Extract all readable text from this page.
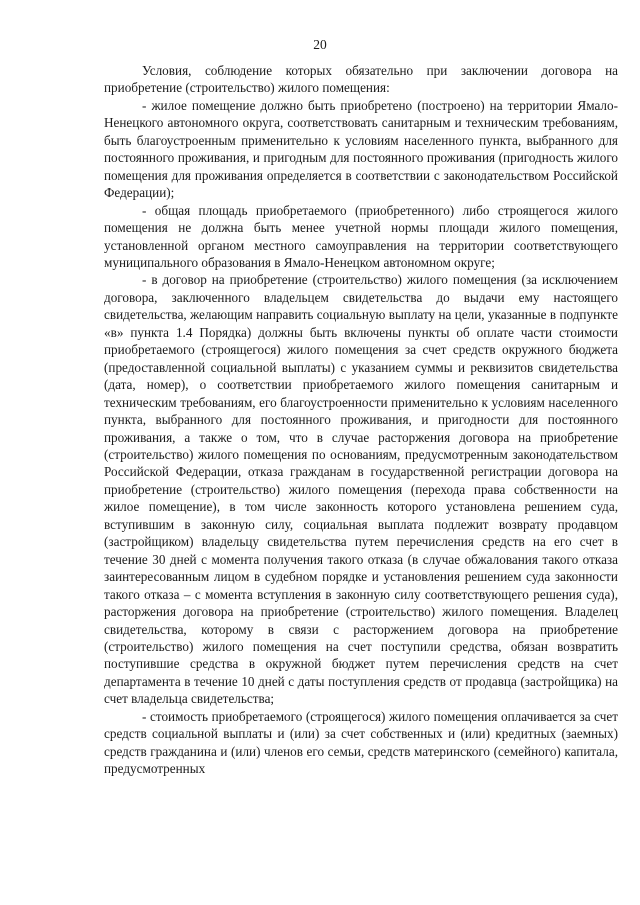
20

Условия, соблюдение которых обязательно при заключении договора на приобретение (строительство) жилого помещения:

- жилое помещение должно быть приобретено (построено) на территории Ямало-Ненецкого автономного округа, соответствовать санитарным и техническим требованиям, быть благоустроенным применительно к условиям населенного пункта, выбранного для постоянного проживания, и пригодным для постоянного проживания (пригодность жилого помещения для проживания определяется в соответствии с законодательством Российской Федерации);

- общая площадь приобретаемого (приобретенного) либо строящегося жилого помещения не должна быть менее учетной нормы площади жилого помещения, установленной органом местного самоуправления на территории соответствующего муниципального образования в Ямало-Ненецком автономном округе;

- в договор на приобретение (строительство) жилого помещения (за исключением договора, заключенного владельцем свидетельства до выдачи ему настоящего свидетельства, желающим направить социальную выплату на цели, указанные в подпункте «в» пункта 1.4 Порядка) должны быть включены пункты об оплате части стоимости приобретаемого (строящегося) жилого помещения за счет средств окружного бюджета (предоставленной социальной выплаты) с указанием суммы и реквизитов свидетельства (дата, номер), о соответствии приобретаемого жилого помещения санитарным и техническим требованиям, его благоустроенности применительно к условиям населенного пункта, выбранного для постоянного проживания, и пригодности для постоянного проживания, а также о том, что в случае расторжения договора на приобретение (строительство) жилого помещения по основаниям, предусмотренным законодательством Российской Федерации, отказа гражданам в государственной регистрации договора на приобретение (строительство) жилого помещения (перехода права собственности на жилое помещение), в том числе законность которого установлена решением суда, вступившим в законную силу, социальная выплата подлежит возврату продавцом (застройщиком) владельцу свидетельства путем перечисления средств на его счет в течение 30 дней с момента получения такого отказа (в случае обжалования такого отказа заинтересованным лицом в судебном порядке и установления решением суда законности такого отказа – с момента вступления в законную силу соответствующего решения суда), расторжения договора на приобретение (строительство) жилого помещения. Владелец свидетельства, которому в связи с расторжением договора на приобретение (строительство) жилого помещения на счет поступили средства, обязан возвратить поступившие средства в окружной бюджет путем перечисления средств на счет департамента в течение 10 дней с даты поступления средств от продавца (застройщика) на счет владельца свидетельства;

- стоимость приобретаемого (строящегося) жилого помещения оплачивается за счет средств социальной выплаты и (или) за счет собственных и (или) кредитных (заемных) средств гражданина и (или) членов его семьи, средств материнского (семейного) капитала, предусмотренных
